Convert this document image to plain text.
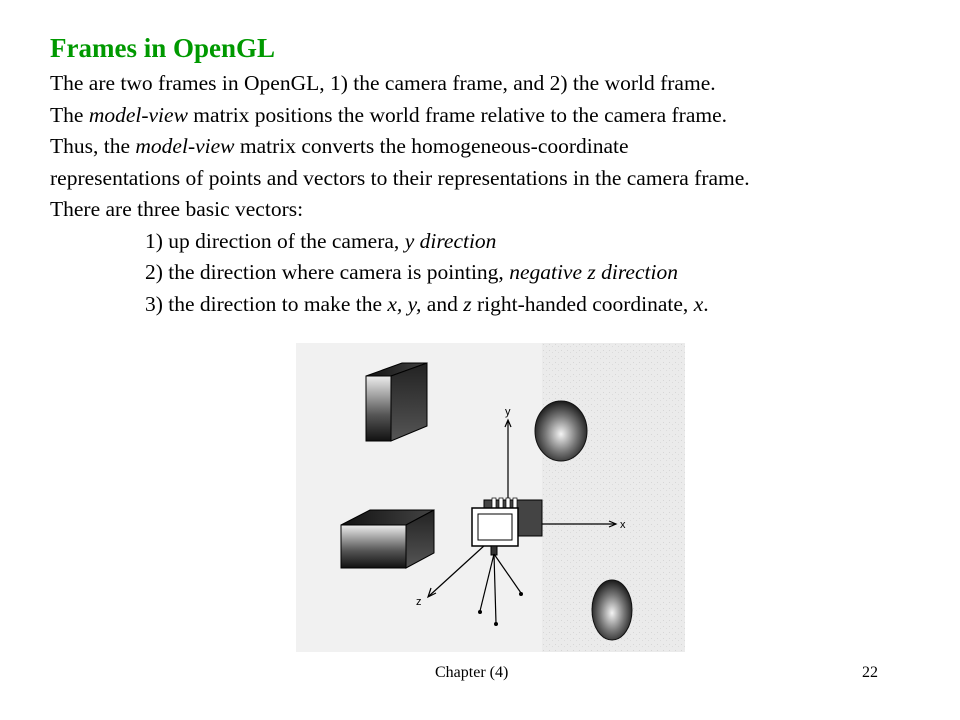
Frames in OpenGL
The are two frames in OpenGL, 1) the camera frame, and 2) the world frame.
The model-view matrix positions the world frame relative to the camera frame.
Thus, the model-view matrix converts the homogeneous-coordinate
representations of points and vectors to their representations in the camera frame.
There are three basic vectors:
1) up direction of the camera, y direction
2) the direction where camera is pointing, negative z direction
3) the direction to make the x, y, and z right-handed coordinate, x.
y
x
z
Chapter (4)	22
